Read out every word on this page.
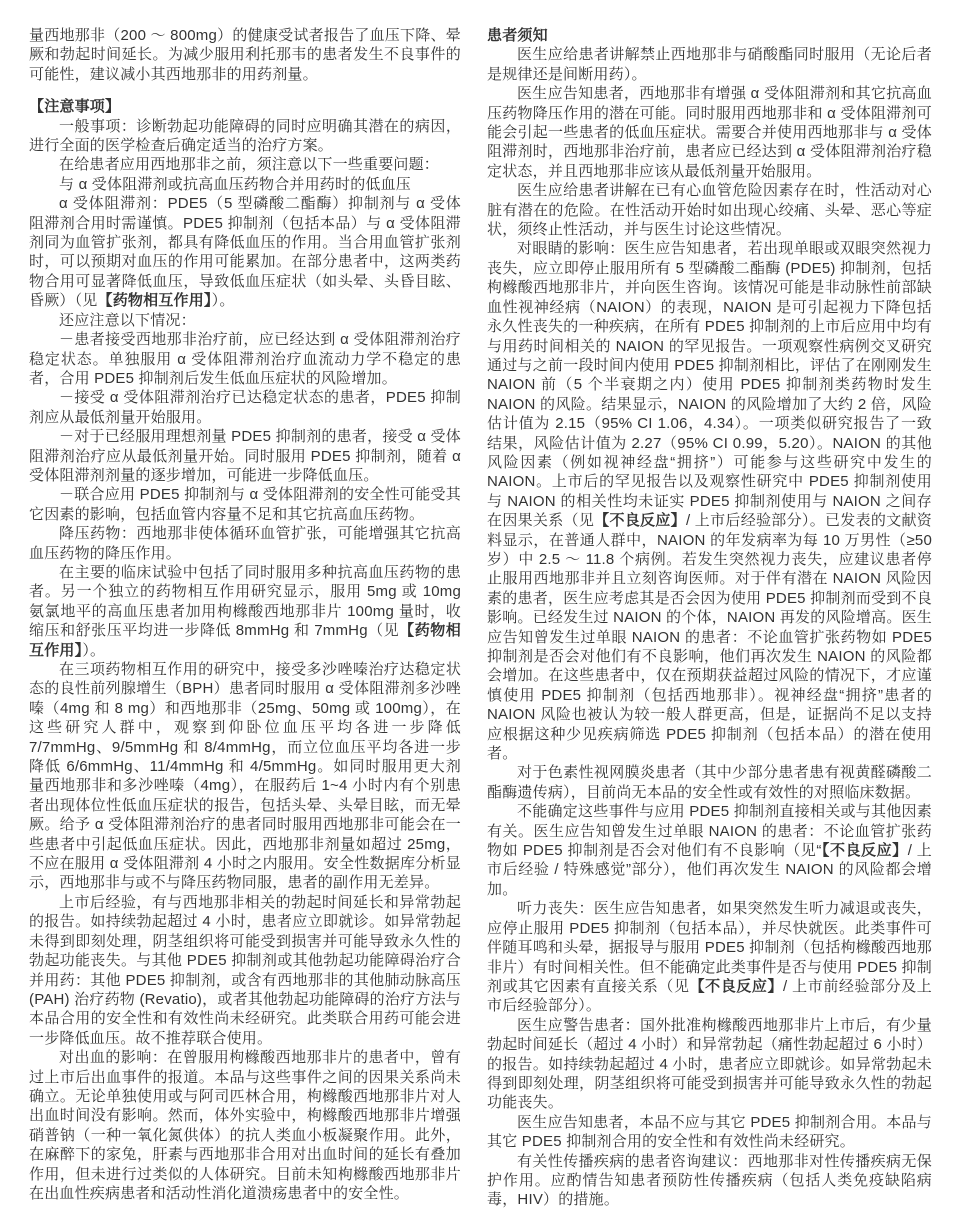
量西地那非（200 ～ 800mg）的健康受试者报告了血压下降、晕厥和勃起时间延长。为减少服用利托那韦的患者发生不良事件的可能性，建议减小其西地那非的用药剂量。
【注意事项】
一般事项：诊断勃起功能障碍的同时应明确其潜在的病因，进行全面的医学检查后确定适当的治疗方案。
在给患者应用西地那非之前，须注意以下一些重要问题：
与 α 受体阻滞剂或抗高血压药物合并用药时的低血压
α 受体阻滞剂：PDE5（5 型磷酸二酯酶）抑制剂与 α 受体阻滞剂合用时需谨慎。PDE5 抑制剂（包括本品）与 α 受体阻滞剂同为血管扩张剂，都具有降低血压的作用。当合用血管扩张剂时，可以预期对血压的作用可能累加。在部分患者中，这两类药物合用可显著降低血压，导致低血压症状（如头晕、头昏目眩、昏厥）（见【药物相互作用】）。
还应注意以下情况：
－患者接受西地那非治疗前，应已经达到 α 受体阻滞剂治疗稳定状态。单独服用 α 受体阻滞剂治疗血流动力学不稳定的患者，合用 PDE5 抑制剂后发生低血压症状的风险增加。
－接受 α 受体阻滞剂治疗已达稳定状态的患者，PDE5 抑制剂应从最低剂量开始服用。
－对于已经服用理想剂量 PDE5 抑制剂的患者，接受 α 受体阻滞剂治疗应从最低剂量开始。同时服用 PDE5 抑制剂，随着 α 受体阻滞剂剂量的逐步增加，可能进一步降低血压。
－联合应用 PDE5 抑制剂与 α 受体阻滞剂的安全性可能受其它因素的影响，包括血管内容量不足和其它抗高血压药物。
降压药物：西地那非使体循环血管扩张，可能增强其它抗高血压药物的降压作用。
在主要的临床试验中包括了同时服用多种抗高血压药物的患者。另一个独立的药物相互作用研究显示，服用 5mg 或 10mg 氨氯地平的高血压患者加用枸橼酸西地那非片 100mg 量时，收缩压和舒张压平均进一步降低 8mmHg 和 7mmHg（见【药物相互作用】）。
在三项药物相互作用的研究中，接受多沙唑嗪治疗达稳定状态的良性前列腺增生（BPH）患者同时服用 α 受体阻滞剂多沙唑嗪（4mg 和 8 mg）和西地那非（25mg、50mg 或 100mg），在这些研究人群中，观察到仰卧位血压平均各进一步降低 7/7mmHg、9/5mmHg 和 8/4mmHg，而立位血压平均各进一步降低 6/6mmHg、11/4mmHg 和 4/5mmHg。如同时服用更大剂量西地那非和多沙唑嗪（4mg），在服药后 1~4 小时内有个别患者出现体位性低血压症状的报告，包括头晕、头晕目眩，而无晕厥。给予 α 受体阻滞剂治疗的患者同时服用西地那非可能会在一些患者中引起低血压症状。因此，西地那非剂量如超过 25mg，不应在服用 α 受体阻滞剂 4 小时之内服用。安全性数据库分析显示，西地那非与或不与降压药物同服，患者的副作用无差异。
上市后经验，有与西地那非相关的勃起时间延长和异常勃起的报告。如持续勃起超过 4 小时，患者应立即就诊。如异常勃起未得到即刻处理，阴茎组织将可能受到损害并可能导致永久性的勃起功能丧失。与其他 PDE5 抑制剂或其他勃起功能障碍治疗合并用药：其他 PDE5 抑制剂，或含有西地那非的其他肺动脉高压 (PAH) 治疗药物 (Revatio)，或者其他勃起功能障碍的治疗方法与本品合用的安全性和有效性尚未经研究。此类联合用药可能会进一步降低血压。故不推荐联合使用。
对出血的影响：在曾服用枸橼酸西地那非片的患者中，曾有过上市后出血事件的报道。本品与这些事件之间的因果关系尚未确立。无论单独使用或与阿司匹林合用，枸橼酸西地那非片对人出血时间没有影响。然而，体外实验中，枸橼酸西地那非片增强硝普钠（一种一氧化氮供体）的抗人类血小板凝聚作用。此外，在麻醉下的家兔，肝素与西地那非合用对出血时间的延长有叠加作用，但未进行过类似的人体研究。目前未知枸橼酸西地那非片在出血性疾病患者和活动性消化道溃疡患者中的安全性。
患者须知
医生应给患者讲解禁止西地那非与硝酸酯同时服用（无论后者是规律还是间断用药）。
医生应告知患者，西地那非有增强 α 受体阻滞剂和其它抗高血压药物降压作用的潜在可能。同时服用西地那非和 α 受体阻滞剂可能会引起一些患者的低血压症状。需要合并使用西地那非与 α 受体阻滞剂时，西地那非治疗前，患者应已经达到 α 受体阻滞剂治疗稳定状态，并且西地那非应该从最低剂量开始服用。
医生应给患者讲解在已有心血管危险因素存在时，性活动对心脏有潜在的危险。在性活动开始时如出现心绞痛、头晕、恶心等症状，须终止性活动，并与医生讨论这些情况。
对眼睛的影响：医生应告知患者，若出现单眼或双眼突然视力丧失，应立即停止服用所有 5 型磷酸二酯酶 (PDE5) 抑制剂，包括枸橼酸西地那非片，并向医生咨询。该情况可能是非动脉性前部缺血性视神经病（NAION）的表现，NAION 是可引起视力下降包括永久性丧失的一种疾病，在所有 PDE5 抑制剂的上市后应用中均有与用药时间相关的 NAION 的罕见报告。一项观察性病例交叉研究通过与之前一段时间内使用 PDE5 抑制剂相比，评估了在刚刚发生 NAION 前（5 个半衰期之内）使用 PDE5 抑制剂类药物时发生 NAION 的风险。结果显示，NAION 的风险增加了大约 2 倍，风险估计值为 2.15（95% CI 1.06，4.34）。一项类似研究报告了一致结果，风险估计值为 2.27（95% CI 0.99，5.20）。NAION 的其他风险因素（例如视神经盘“拥挤”）可能参与这些研究中发生的 NAION。上市后的罕见报告以及观察性研究中 PDE5 抑制剂使用与 NAION 的相关性均未证实 PDE5 抑制剂使用与 NAION 之间存在因果关系（见【不良反应】/ 上市后经验部分）。已发表的文献资料显示，在普通人群中，NAION 的年发病率为每 10 万男性（≥50 岁）中 2.5 ～ 11.8 个病例。若发生突然视力丧失，应建议患者停止服用西地那非并且立刻咨询医师。对于伴有潜在 NAION 风险因素的患者，医生应考虑其是否会因为使用 PDE5 抑制剂而受到不良影响。已经发生过 NAION 的个体，NAION 再发的风险增高。医生应告知曾发生过单眼 NAION 的患者：不论血管扩张药物如 PDE5 抑制剂是否会对他们有不良影响，他们再次发生 NAION 的风险都会增加。在这些患者中，仅在预期获益超过风险的情况下，才应谨慎使用 PDE5 抑制剂（包括西地那非）。视神经盘“拥挤”患者的 NAION 风险也被认为较一般人群更高，但是，证据尚不足以支持应根据这种少见疾病筛选 PDE5 抑制剂（包括本品）的潜在使用者。
对于色素性视网膜炎患者（其中少部分患者患有视黄醛磷酸二酯酶遗传病），目前尚无本品的安全性或有效性的对照临床数据。
不能确定这些事件与应用 PDE5 抑制剂直接相关或与其他因素有关。医生应告知曾发生过单眼 NAION 的患者：不论血管扩张药物如 PDE5 抑制剂是否会对他们有不良影响（见“【不良反应】/ 上市后经验 / 特殊感觉”部分），他们再次发生 NAION 的风险都会增加。
听力丧失：医生应告知患者，如果突然发生听力减退或丧失，应停止服用 PDE5 抑制剂（包括本品），并尽快就医。此类事件可伴随耳鸣和头晕，据报导与服用 PDE5 抑制剂（包括枸橼酸西地那非片）有时间相关性。但不能确定此类事件是否与使用 PDE5 抑制剂或其它因素有直接关系（见【不良反应】/ 上市前经验部分及上市后经验部分）。
医生应警告患者：国外批准枸橼酸西地那非片上市后，有少量勃起时间延长（超过 4 小时）和异常勃起（痛性勃起超过 6 小时）的报告。如持续勃起超过 4 小时，患者应立即就诊。如异常勃起未得到即刻处理，阴茎组织将可能受到损害并可能导致永久性的勃起功能丧失。
医生应告知患者，本品不应与其它 PDE5 抑制剂合用。本品与其它 PDE5 抑制剂合用的安全性和有效性尚未经研究。
有关性传播疾病的患者咨询建议：西地那非对性传播疾病无保护作用。应酌情告知患者预防性传播疾病（包括人类免疫缺陷病毒，HIV）的措施。
